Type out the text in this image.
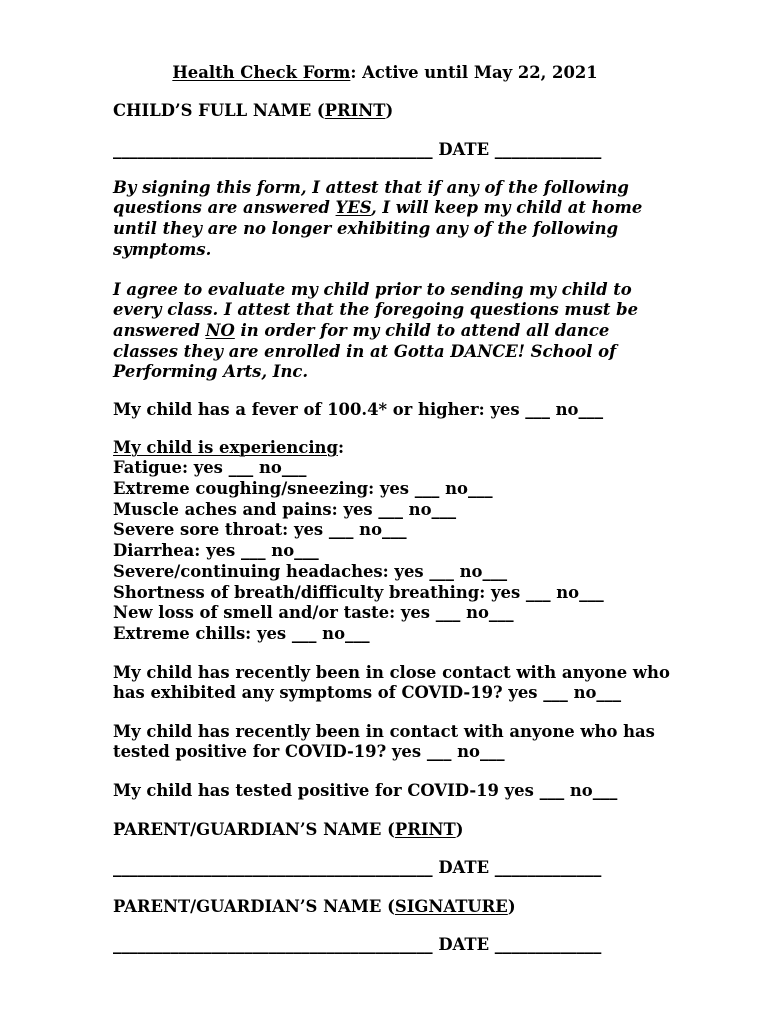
Health Check Form: Active until May 22, 2021
CHILD’S FULL NAME (PRINT)
_______________________________________ DATE _____________
By signing this form, I attest that if any of the following
questions are answered YES, I will keep my child at home
until they are no longer exhibiting any of the following
symptoms.
I agree to evaluate my child prior to sending my child to
every class. I attest that the foregoing questions must be
answered NO in order for my child to attend all dance
classes they are enrolled in at Gotta DANCE! School of
Performing Arts, Inc.
My child has a fever of 100.4* or higher: yes ___ no___
My child is experiencing:
Fatigue: yes ___ no___
Extreme coughing/sneezing: yes ___ no___
Muscle aches and pains: yes ___ no___
Severe sore throat: yes ___ no___
Diarrhea: yes ___ no___
Severe/continuing headaches: yes ___ no___
Shortness of breath/difficulty breathing: yes ___ no___
New loss of smell and/or taste: yes ___ no___
Extreme chills: yes ___ no___
My child has recently been in close contact with anyone who
has exhibited any symptoms of COVID-19? yes ___ no___
My child has recently been in contact with anyone who has
tested positive for COVID-19? yes ___ no___
My child has tested positive for COVID-19 yes ___ no___
PARENT/GUARDIAN’S NAME (PRINT)
_______________________________________ DATE _____________
PARENT/GUARDIAN’S NAME (SIGNATURE)
_______________________________________ DATE _____________
